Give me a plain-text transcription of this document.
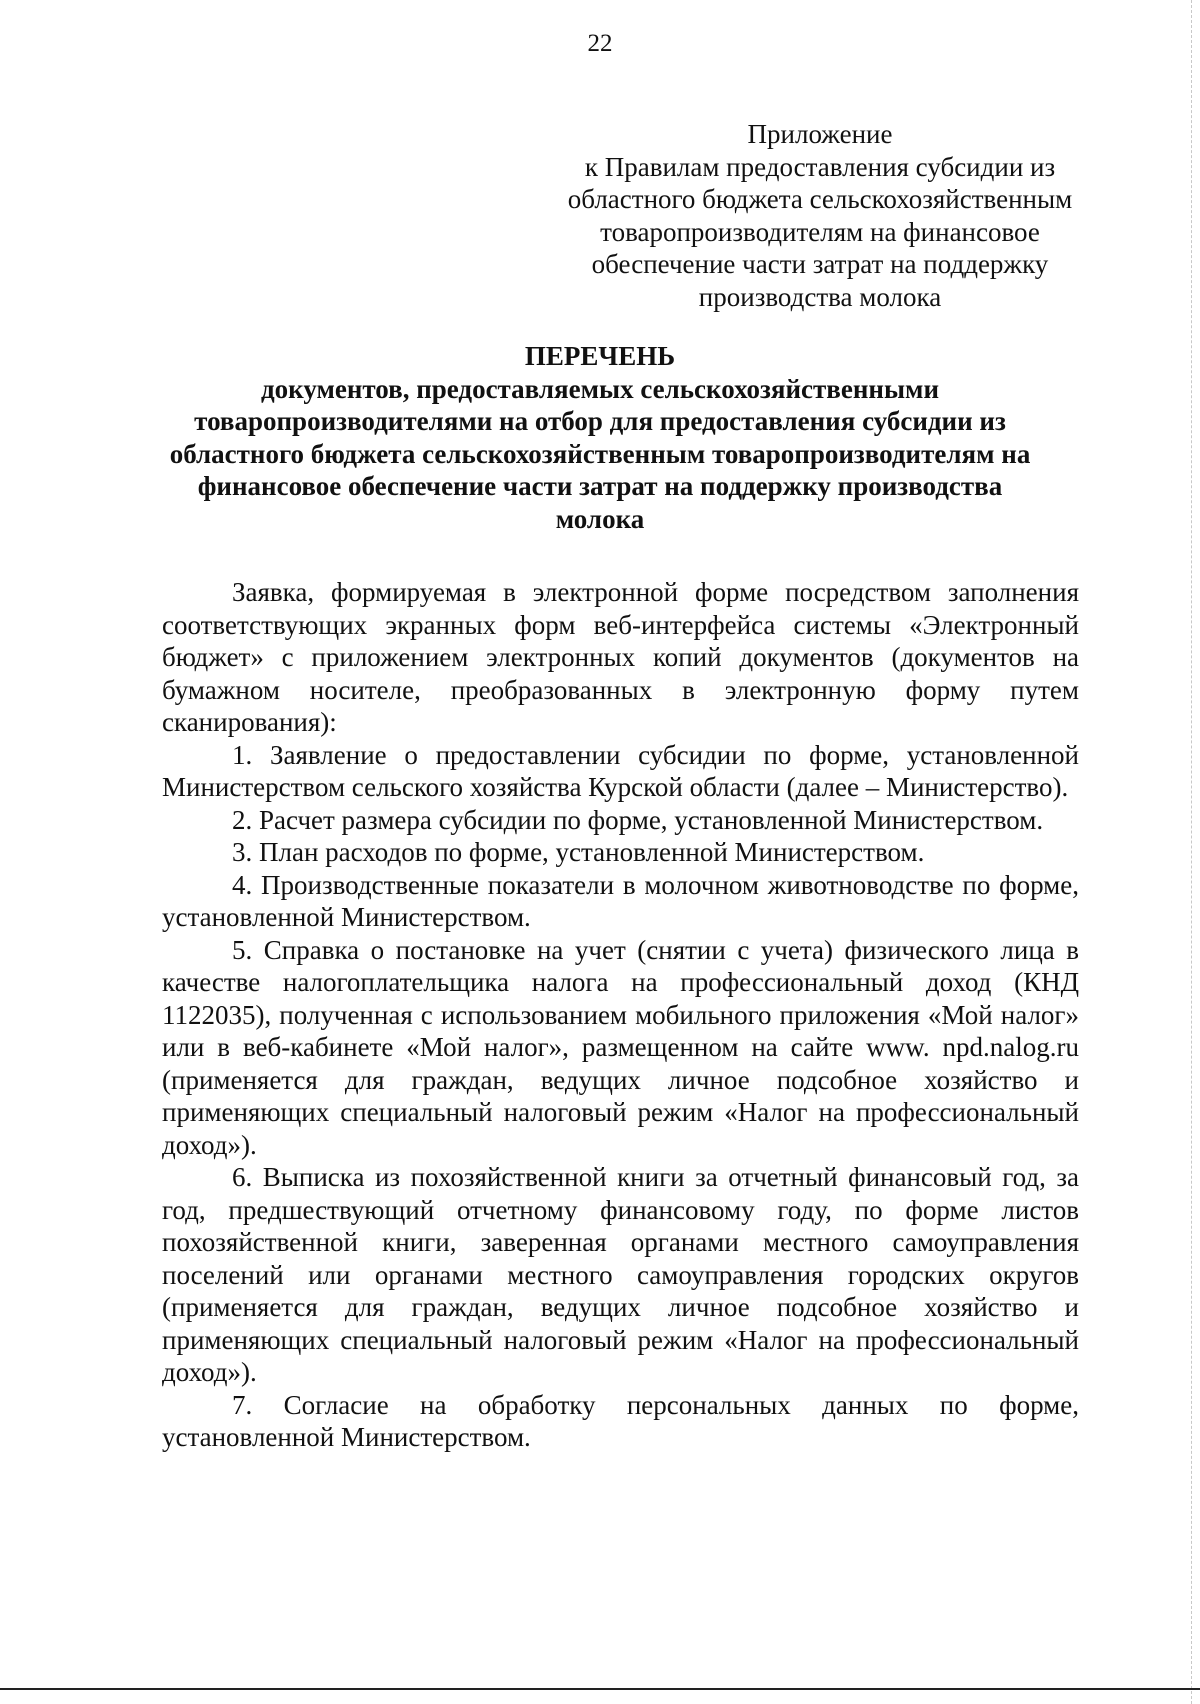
22
Приложение
к Правилам предоставления субсидии из
областного бюджета сельскохозяйственным
товаропроизводителям на финансовое
обеспечение части затрат на поддержку
производства молока
ПЕРЕЧЕНЬ
документов, предоставляемых сельскохозяйственными
товаропроизводителями на отбор для предоставления субсидии из
областного бюджета сельскохозяйственным товаропроизводителям на
финансовое обеспечение части затрат на поддержку производства
молока

Заявка, формируемая в электронной форме посредством заполнения соответствующих экранных форм веб-интерфейса системы «Электронный бюджет» с приложением электронных копий документов (документов на бумажном носителе, преобразованных в электронную форму путем сканирования):

1. Заявление о предоставлении субсидии по форме, установленной Министерством сельского хозяйства Курской области (далее – Министерство).

2. Расчет размера субсидии по форме, установленной Министерством.

3. План расходов по форме, установленной Министерством.

4. Производственные показатели в молочном животноводстве по форме, установленной Министерством.

5. Справка о постановке на учет (снятии с учета) физического лица в качестве налогоплательщика налога на профессиональный доход (КНД 1122035), полученная с использованием мобильного приложения «Мой налог» или в веб-кабинете «Мой налог», размещенном на сайте www. npd.nalog.ru (применяется для граждан, ведущих личное подсобное хозяйство и применяющих специальный налоговый режим «Налог на профессиональный доход»).

6. Выписка из похозяйственной книги за отчетный финансовый год, за год, предшествующий отчетному финансовому году, по форме листов похозяйственной книги, заверенная органами местного самоуправления поселений или органами местного самоуправления городских округов (применяется для граждан, ведущих личное подсобное хозяйство и применяющих специальный налоговый режим «Налог на профессиональный доход»).

7. Согласие на обработку персональных данных по форме, установленной Министерством.
